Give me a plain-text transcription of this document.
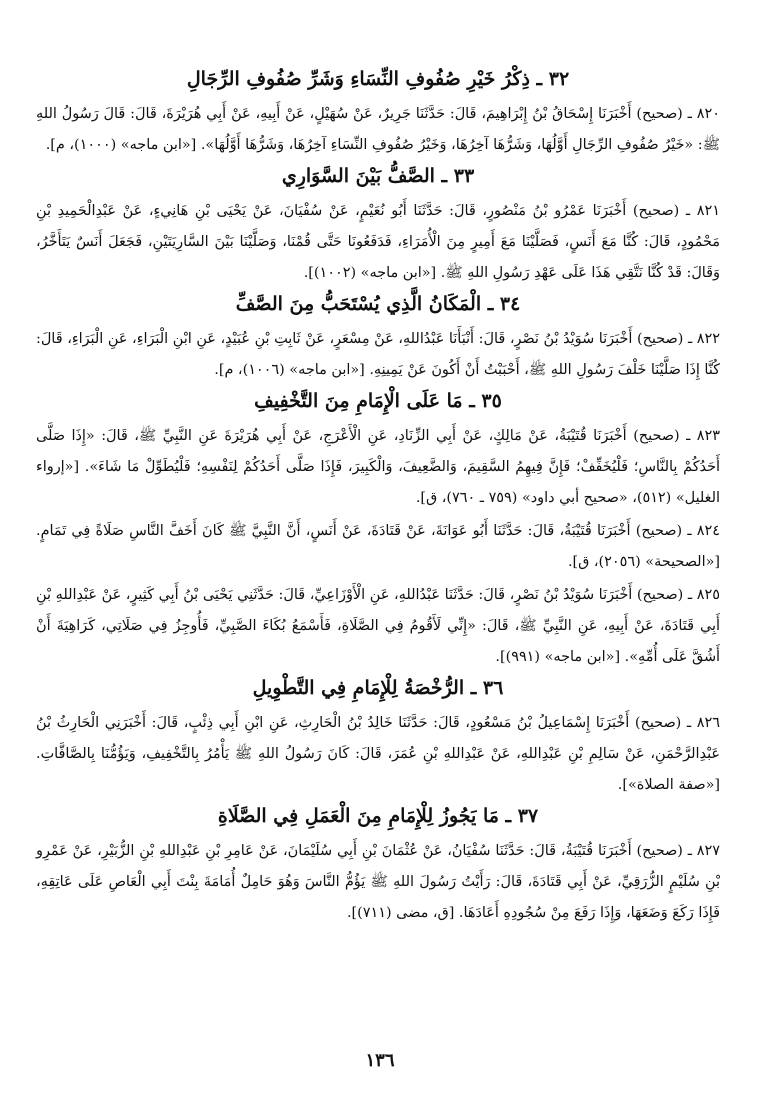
٣٢ ـ ذِكْرُ خَيْرِ صُفُوفِ النِّسَاءِ وَشَرِّ صُفُوفِ الرِّجَالِ

٨٢٠ ـ (صحيح) أَخْبَرَنَا إِسْحَاقُ بْنُ إِبْرَاهِيمَ، قَالَ: حَدَّثَنَا جَرِيرٌ، عَنْ سُهَيْلٍ، عَنْ أَبِيهِ، عَنْ أَبِي هُرَيْرَةَ، قَالَ: قَالَ رَسُولُ اللهِ ﷺ: «خَيْرُ صُفُوفِ الرِّجَالِ أَوَّلُهَا، وَشَرُّهَا آخِرُهَا، وَخَيْرُ صُفُوفِ النِّسَاءِ آخِرُهَا، وَشَرُّهَا أَوَّلُهَا». [«ابن ماجه» (١٠٠٠)، م].

٣٣ ـ الصَّفُّ بَيْنَ السَّوَارِي

٨٢١ ـ (صحيح) أَخْبَرَنَا عَمْرُو بْنُ مَنْصُورٍ، قَالَ: حَدَّثَنَا أَبُو نُعَيْمٍ، عَنْ سُفْيَانَ، عَنْ يَحْيَى بْنِ هَانِيءٍ، عَنْ عَبْدِالْحَمِيدِ بْنِ مَحْمُودٍ، قَالَ: كُنَّا مَعَ أَنَسٍ، فَصَلَّيْنَا مَعَ أَمِيرٍ مِنَ الْأُمَرَاءِ، فَدَفَعُونَا حَتَّى قُمْنَا، وَصَلَّيْنَا بَيْنَ السَّارِيَتَيْنِ، فَجَعَلَ أَنَسٌ يَتَأَخَّرُ، وَقَالَ: قَدْ كُنَّا نَتَّقِي هَذَا عَلَى عَهْدِ رَسُولِ اللهِ ﷺ. [«ابن ماجه» (١٠٠٢)].

٣٤ ـ الْمَكَانُ الَّذِي يُسْتَحَبُّ مِنَ الصَّفِّ

٨٢٢ ـ (صحيح) أَخْبَرَنَا سُوَيْدُ بْنُ نَصْرٍ، قَالَ: أَنْبَأَنَا عَبْدُاللهِ، عَنْ مِسْعَرٍ، عَنْ ثَابِتِ بْنِ عُبَيْدٍ، عَنِ ابْنِ الْبَرَاءِ، عَنِ الْبَرَاءِ، قَالَ: كُنَّا إِذَا صَلَّيْنَا خَلْفَ رَسُولِ اللهِ ﷺ، أَحْبَبْتُ أَنْ أَكُونَ عَنْ يَمِينِهِ. [«ابن ماجه» (١٠٠٦)، م].

٣٥ ـ مَا عَلَى الْإِمَامِ مِنَ التَّخْفِيفِ

٨٢٣ ـ (صحيح) أَخْبَرَنَا قُتَيْبَةُ، عَنْ مَالِكٍ، عَنْ أَبِي الزِّنَادِ، عَنِ الْأَعْرَجِ، عَنْ أَبِي هُرَيْرَةَ عَنِ النَّبِيِّ ﷺ، قَالَ: «إِذَا صَلَّى أَحَدُكُمْ بِالنَّاسِ؛ فَلْيُخَفِّفْ؛ فَإِنَّ فِيهِمُ السَّقِيمَ، وَالضَّعِيفَ، وَالْكَبِيرَ، فَإِذَا صَلَّى أَحَدُكُمْ لِنَفْسِهِ؛ فَلْيُطَوِّلْ مَا شَاءَ». [«إرواء الغليل» (٥١٢)، «صحيح أبي داود» (٧٥٩ ـ ٧٦٠)، ق].

٨٢٤ ـ (صحيح) أَخْبَرَنَا قُتَيْبَةُ، قَالَ: حَدَّثَنَا أَبُو عَوَانَةَ، عَنْ قَتَادَةَ، عَنْ أَنَسٍ، أَنَّ النَّبِيَّ ﷺ كَانَ أَخَفَّ النَّاسِ صَلَاةً فِي تَمَامٍ. [«الصحيحة» (٢٠٥٦)، ق].

٨٢٥ ـ (صحيح) أَخْبَرَنَا سُوَيْدُ بْنُ نَصْرٍ، قَالَ: حَدَّثَنَا عَبْدُاللهِ، عَنِ الْأَوْزَاعِيِّ، قَالَ: حَدَّثَنِي يَحْيَى بْنُ أَبِي كَثِيرٍ، عَنْ عَبْدِاللهِ بْنِ أَبِي قَتَادَةَ، عَنْ أَبِيهِ، عَنِ النَّبِيِّ ﷺ، قَالَ: «إِنِّي لَأَقُومُ فِي الصَّلَاةِ، فَأَسْمَعُ بُكَاءَ الصَّبِيِّ، فَأُوجِزُ فِي صَلَاتِي، كَرَاهِيَةَ أَنْ أَشُقَّ عَلَى أُمِّهِ». [«ابن ماجه» (٩٩١)].

٣٦ ـ الرُّخْصَةُ لِلْإِمَامِ فِي التَّطْوِيلِ

٨٢٦ ـ (صحيح) أَخْبَرَنَا إِسْمَاعِيلُ بْنُ مَسْعُودٍ، قَالَ: حَدَّثَنَا خَالِدُ بْنُ الْحَارِثِ، عَنِ ابْنِ أَبِي ذِئْبٍ، قَالَ: أَخْبَرَنِي الْحَارِثُ بْنُ عَبْدِالرَّحْمَنِ، عَنْ سَالِمِ بْنِ عَبْدِاللهِ، عَنْ عَبْدِاللهِ بْنِ عُمَرَ، قَالَ: كَانَ رَسُولُ اللهِ ﷺ يَأْمُرُ بِالتَّخْفِيفِ، وَيَؤُمُّنَا بِالصَّافَّاتِ. [«صفة الصلاة»].

٣٧ ـ مَا يَجُوزُ لِلْإِمَامِ مِنَ الْعَمَلِ فِي الصَّلَاةِ

٨٢٧ ـ (صحيح) أَخْبَرَنَا قُتَيْبَةُ، قَالَ: حَدَّثَنَا سُفْيَانُ، عَنْ عُثْمَانَ بْنِ أَبِي سُلَيْمَانَ، عَنْ عَامِرِ بْنِ عَبْدِاللهِ بْنِ الزُّبَيْرِ، عَنْ عَمْرِو بْنِ سُلَيْمٍ الزُّرَقِيِّ، عَنْ أَبِي قَتَادَةَ، قَالَ: رَأَيْتُ رَسُولَ اللهِ ﷺ يَؤُمُّ النَّاسَ وَهُوَ حَامِلٌ أُمَامَةَ بِنْتَ أَبِي الْعَاصِ عَلَى عَاتِقِهِ، فَإِذَا رَكَعَ وَضَعَهَا، وَإِذَا رَفَعَ مِنْ سُجُودِهِ أَعَادَهَا. [ق، مضى (٧١١)].

١٣٦
